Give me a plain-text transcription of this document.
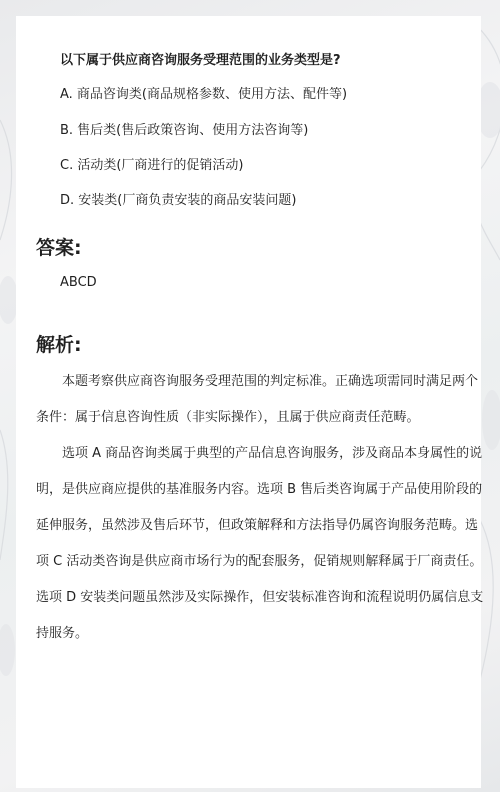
以下属于供应商咨询服务受理范围的业务类型是?
A. 商品咨询类(商品规格参数、使用方法、配件等)
B. 售后类(售后政策咨询、使用方法咨询等)
C. 活动类(厂商进行的促销活动)
D. 安装类(厂商负责安装的商品安装问题)
答案:
ABCD
解析:

　　本题考察供应商咨询服务受理范围的判定标准。正确选项需同时满足两个
条件：属于信息咨询性质（非实际操作），且属于供应商责任范畴。

　　选项 A 商品咨询类属于典型的产品信息咨询服务，涉及商品本身属性的说
明，是供应商应提供的基准服务内容。选项 B 售后类咨询属于产品使用阶段的
延伸服务，虽然涉及售后环节，但政策解释和方法指导仍属咨询服务范畴。选
项 C 活动类咨询是供应商市场行为的配套服务，促销规则解释属于厂商责任。
选项 D 安装类问题虽然涉及实际操作，但安装标准咨询和流程说明仍属信息支
持服务。
